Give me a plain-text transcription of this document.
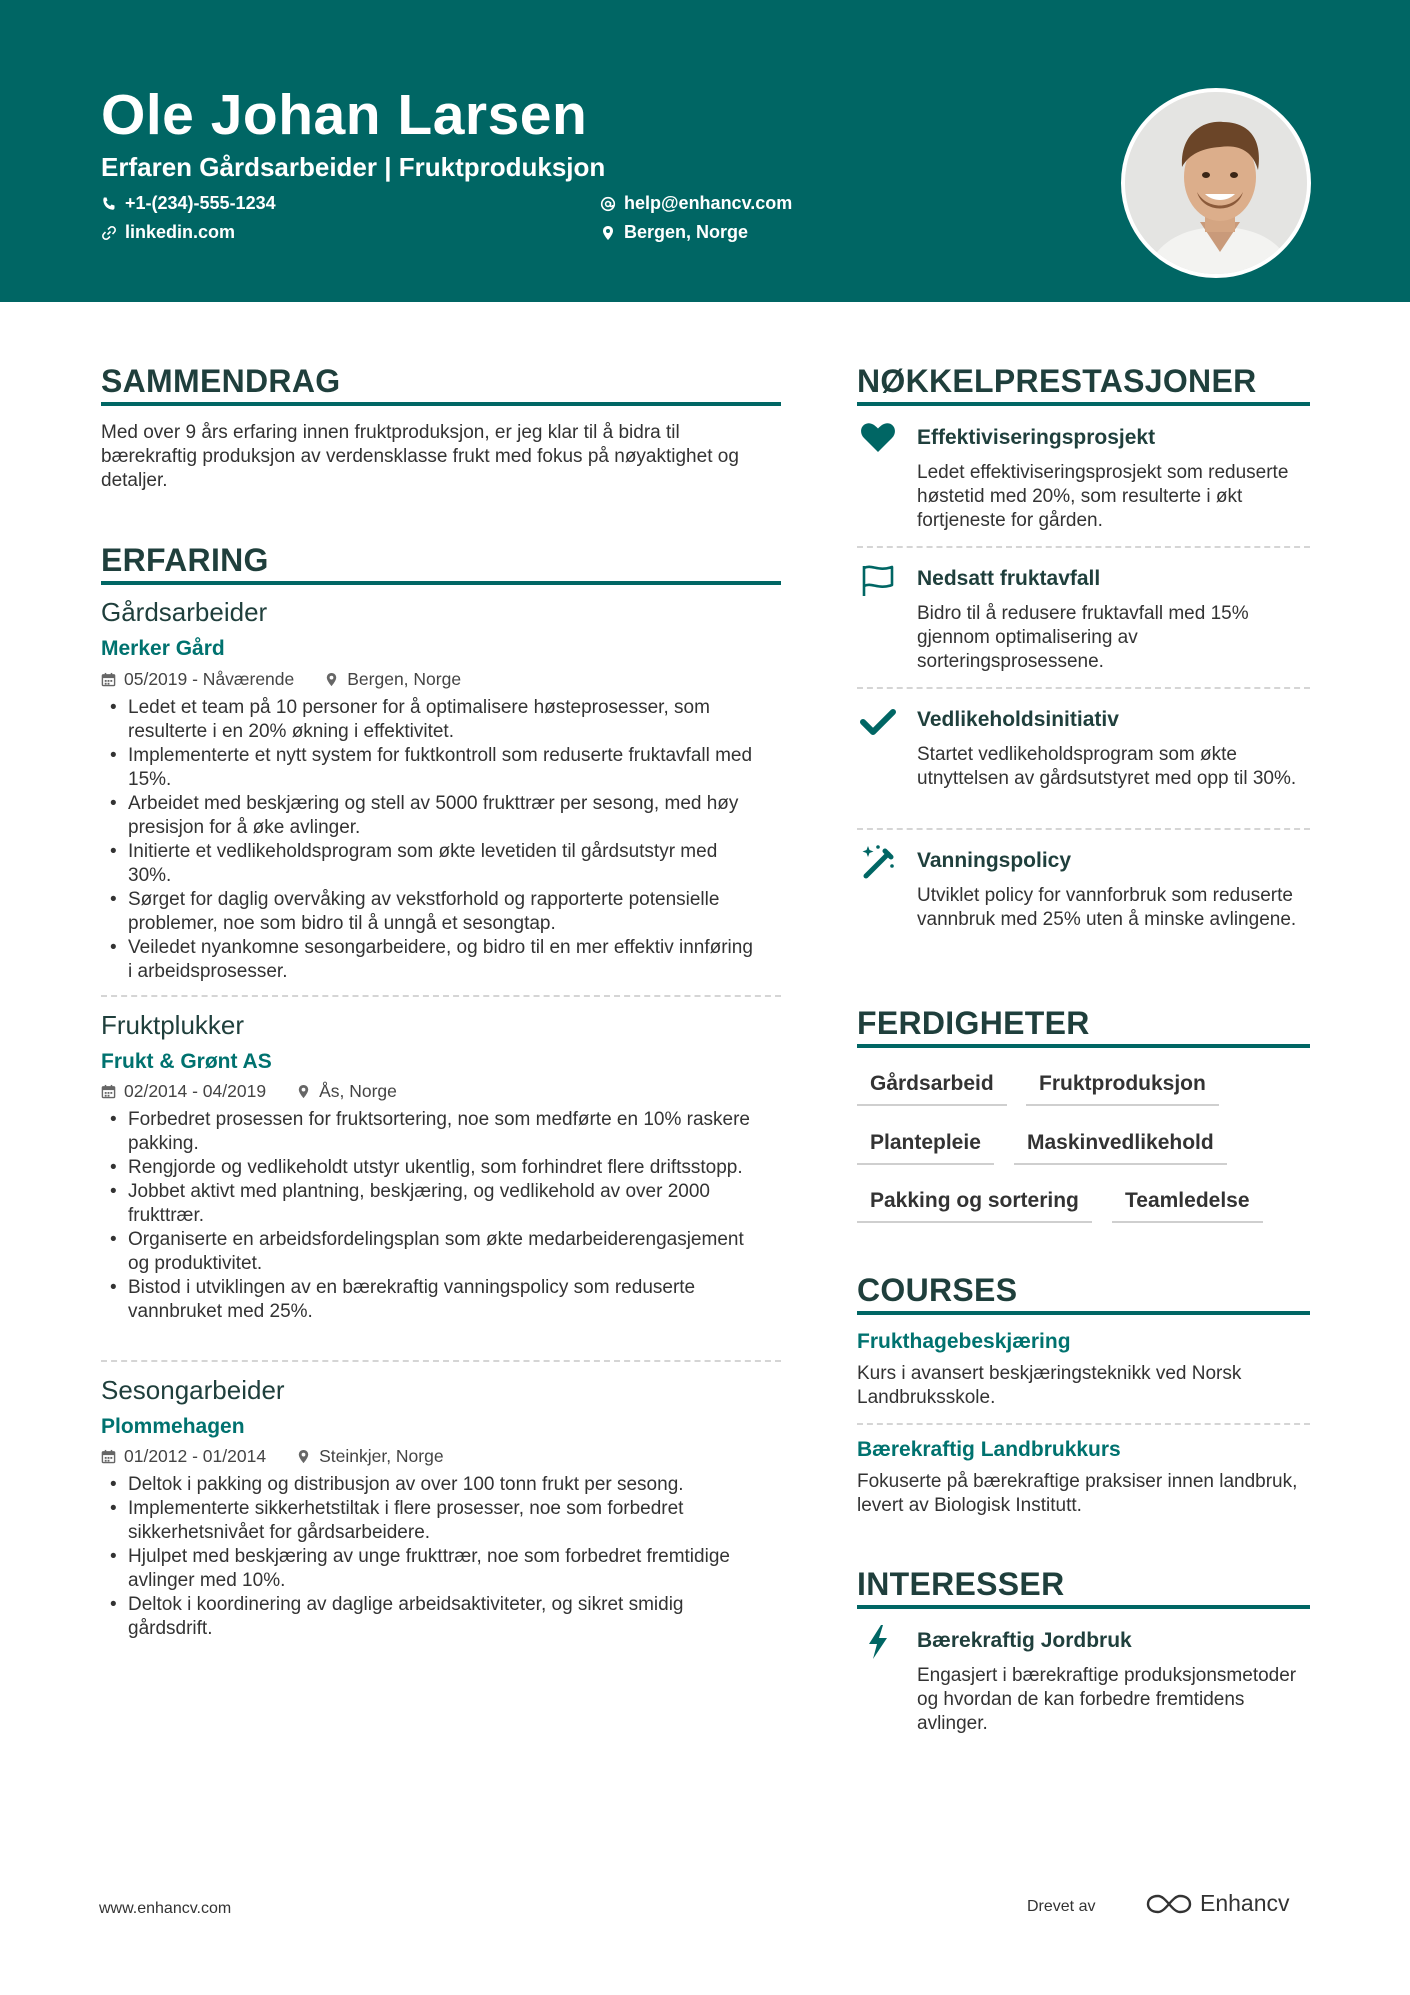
Ole Johan Larsen
Erfaren Gårdsarbeider | Fruktproduksjon
+1-(234)-555-1234	help@enhancv.com
linkedin.com	Bergen, Norge
SAMMENDRAG
Med over 9 års erfaring innen fruktproduksjon, er jeg klar til å bidra til bærekraftig produksjon av verdensklasse frukt med fokus på nøyaktighet og detaljer.
ERFARING
Gårdsarbeider
Merker Gård
05/2019 - Nåværende	Bergen, Norge
• Ledet et team på 10 personer for å optimalisere høsteprosesser, som resulterte i en 20% økning i effektivitet.
• Implementerte et nytt system for fuktkontroll som reduserte fruktavfall med 15%.
• Arbeidet med beskjæring og stell av 5000 frukttrær per sesong, med høy presisjon for å øke avlinger.
• Initierte et vedlikeholdsprogram som økte levetiden til gårdsutstyr med 30%.
• Sørget for daglig overvåking av vekstforhold og rapporterte potensielle problemer, noe som bidro til å unngå et sesongtap.
• Veiledet nyankomne sesongarbeidere, og bidro til en mer effektiv innføring i arbeidsprosesser.
Fruktplukker
Frukt & Grønt AS
02/2014 - 04/2019	Ås, Norge
• Forbedret prosessen for fruktsortering, noe som medførte en 10% raskere pakking.
• Rengjorde og vedlikeholdt utstyr ukentlig, som forhindret flere driftsstopp.
• Jobbet aktivt med plantning, beskjæring, og vedlikehold av over 2000 frukttrær.
• Organiserte en arbeidsfordelingsplan som økte medarbeiderengasjement og produktivitet.
• Bistod i utviklingen av en bærekraftig vanningspolicy som reduserte vannbruket med 25%.
Sesongarbeider
Plommehagen
01/2012 - 01/2014	Steinkjer, Norge
• Deltok i pakking og distribusjon av over 100 tonn frukt per sesong.
• Implementerte sikkerhetstiltak i flere prosesser, noe som forbedret sikkerhetsnivået for gårdsarbeidere.
• Hjulpet med beskjæring av unge frukttrær, noe som forbedret fremtidige avlinger med 10%.
• Deltok i koordinering av daglige arbeidsaktiviteter, og sikret smidig gårdsdrift.
NØKKELPRESTASJONER
Effektiviseringsprosjekt
Ledet effektiviseringsprosjekt som reduserte høstetid med 20%, som resulterte i økt fortjeneste for gården.
Nedsatt fruktavfall
Bidro til å redusere fruktavfall med 15% gjennom optimalisering av sorteringsprosessene.
Vedlikeholdsinitiativ
Startet vedlikeholdsprogram som økte utnyttelsen av gårdsutstyret med opp til 30%.
Vanningspolicy
Utviklet policy for vannforbruk som reduserte vannbruk med 25% uten å minske avlingene.
FERDIGHETER
Gårdsarbeid	Fruktproduksjon
Plantepleie	Maskinvedlikehold
Pakking og sortering	Teamledelse
COURSES
Frukthagebeskjæring
Kurs i avansert beskjæringsteknikk ved Norsk Landbruksskole.
Bærekraftig Landbrukkurs
Fokuserte på bærekraftige praksiser innen landbruk, levert av Biologisk Institutt.
INTERESSER
Bærekraftig Jordbruk
Engasjert i bærekraftige produksjonsmetoder og hvordan de kan forbedre fremtidens avlinger.
www.enhancv.com	Drevet av	Enhancv
